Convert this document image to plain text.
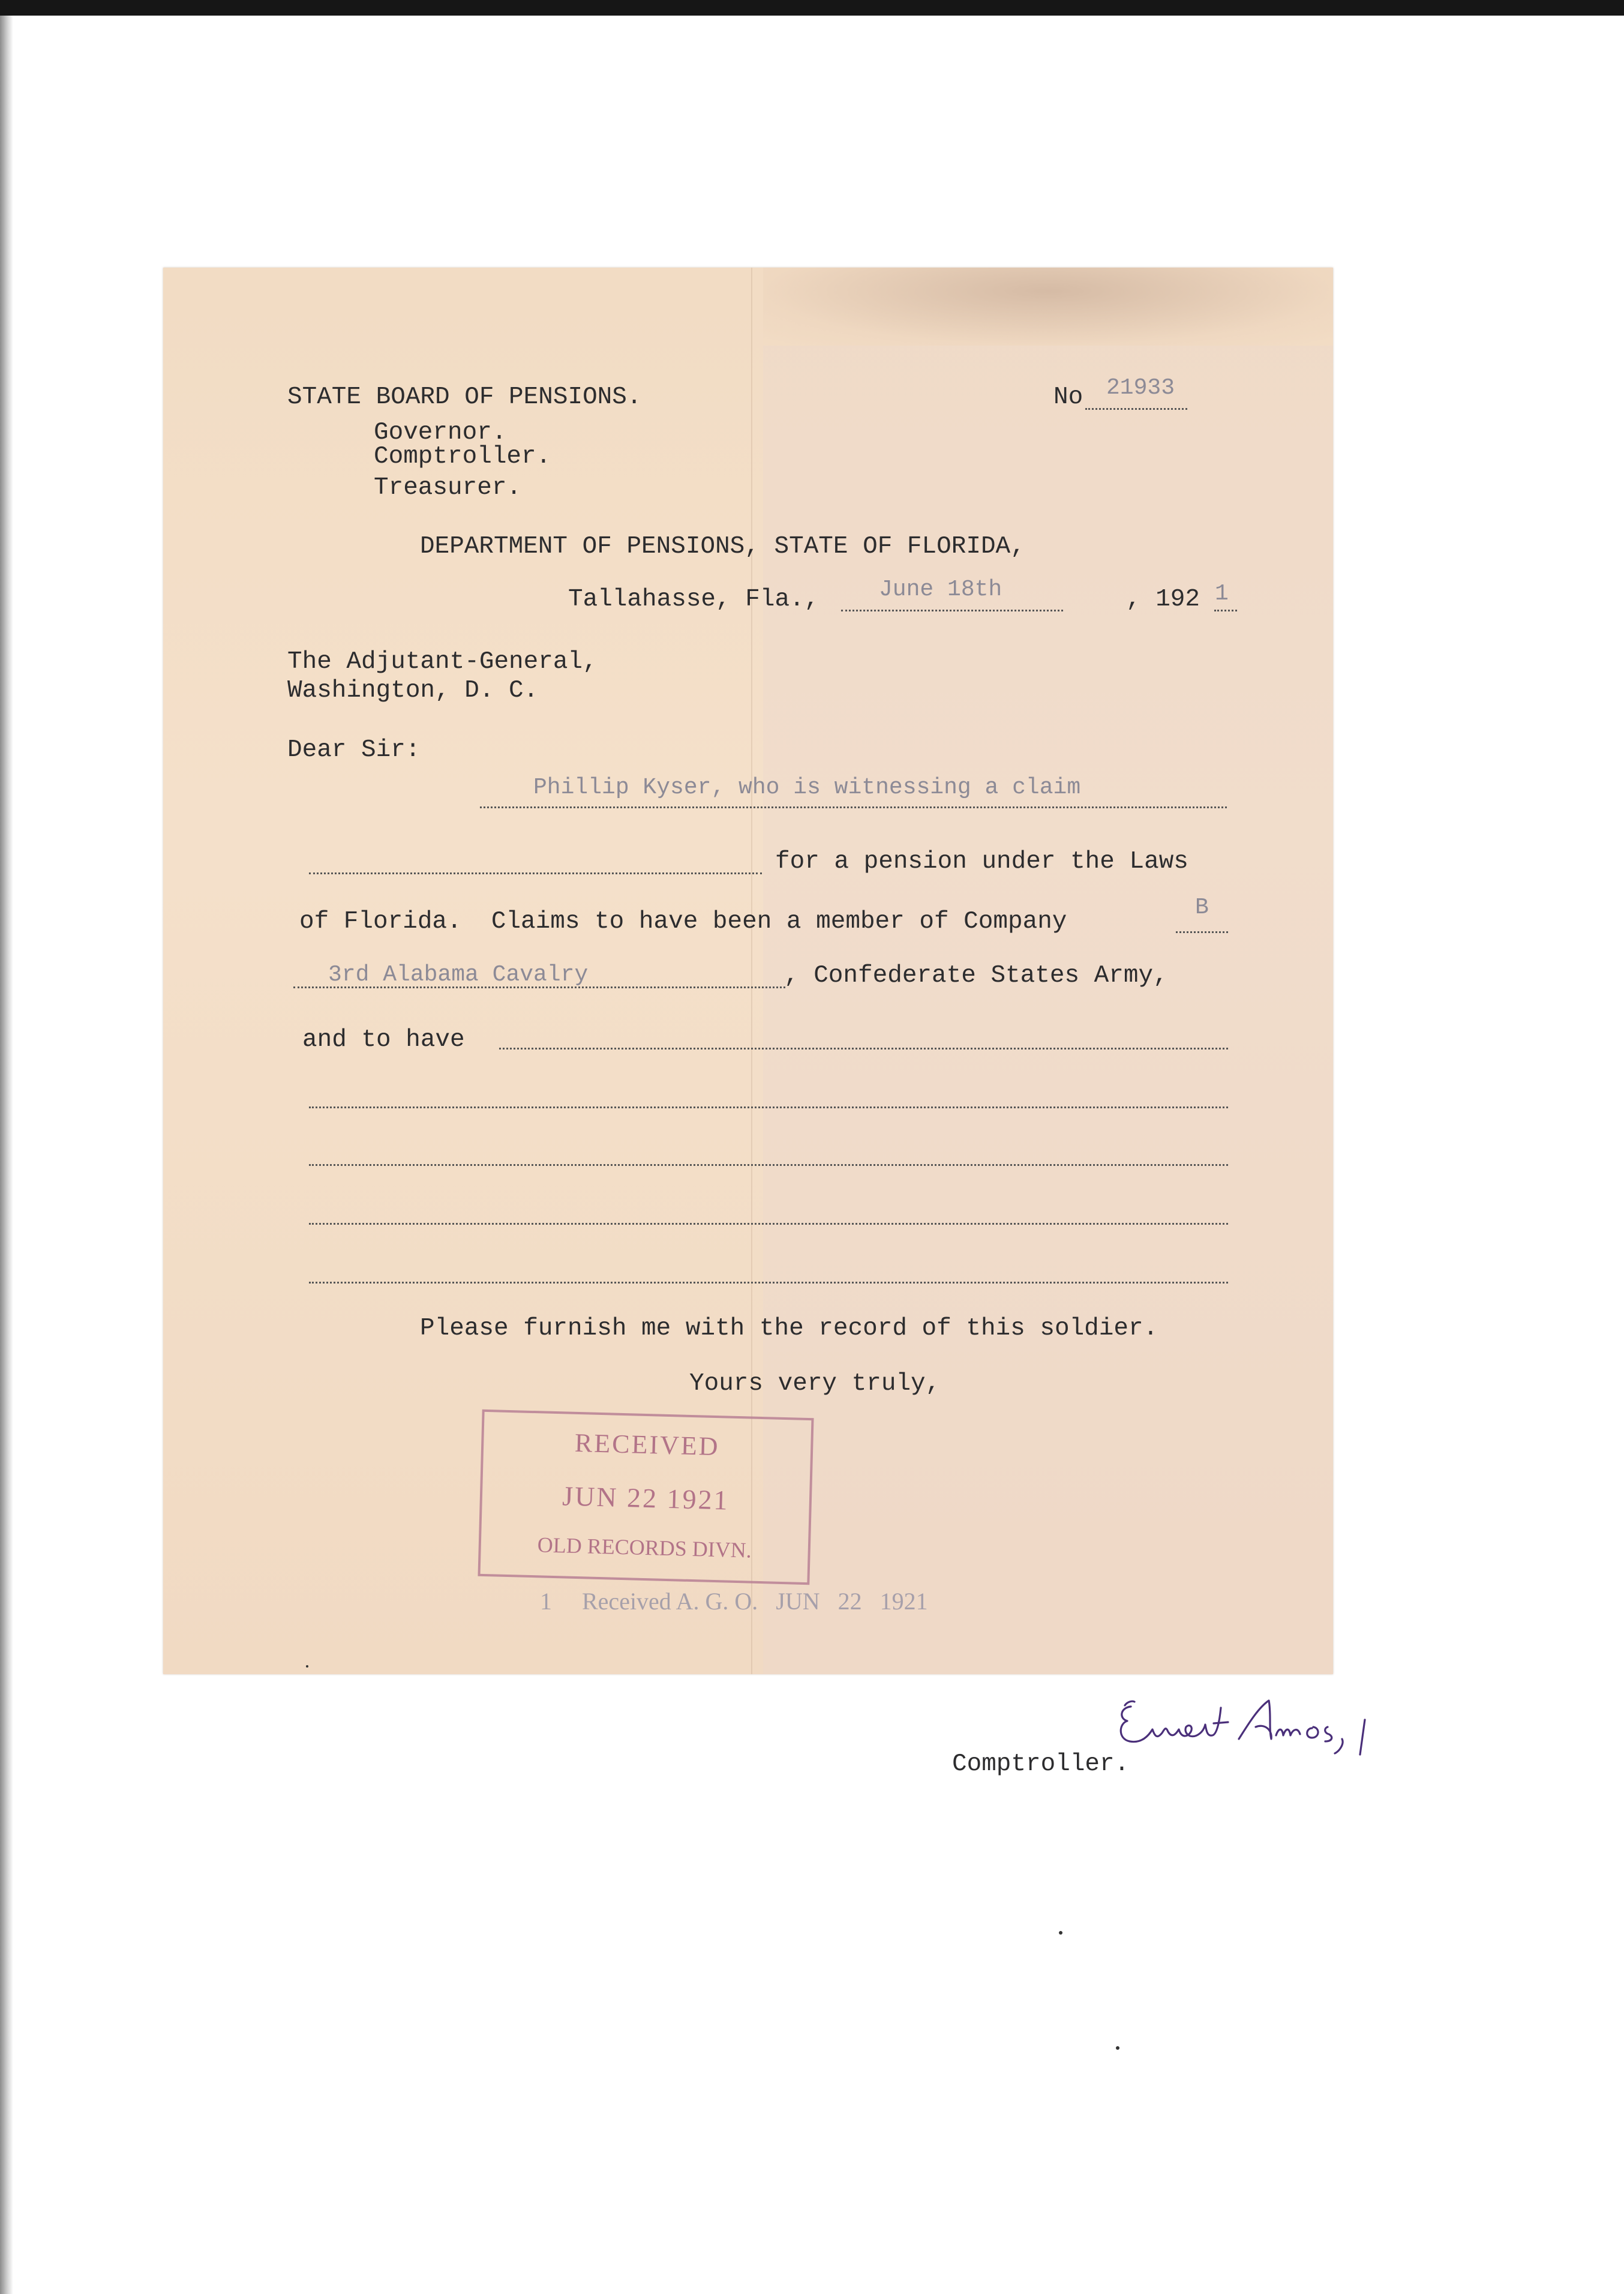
STATE BOARD OF PENSIONS.
Governor.
Comptroller.
Treasurer.
No 21933
DEPARTMENT OF PENSIONS, STATE OF FLORIDA,
Tallahasse, Fla.,	June 18th	, 192 1
The Adjutant-General,
Washington, D. C.
Dear Sir:
Phillip Kyser, who is witnessing a claim
for a pension under the Laws
of Florida.  Claims to have been a member of Company
B
3rd Alabama Cavalry	, Confederate States Army,
and to have
Please furnish me with the record of this soldier.
Yours very truly,
Comptroller.
RECEIVED
JUN 22 1921
OLD RECORDS DIVN.
1     Received A. G. O.   JUN   22   1921
